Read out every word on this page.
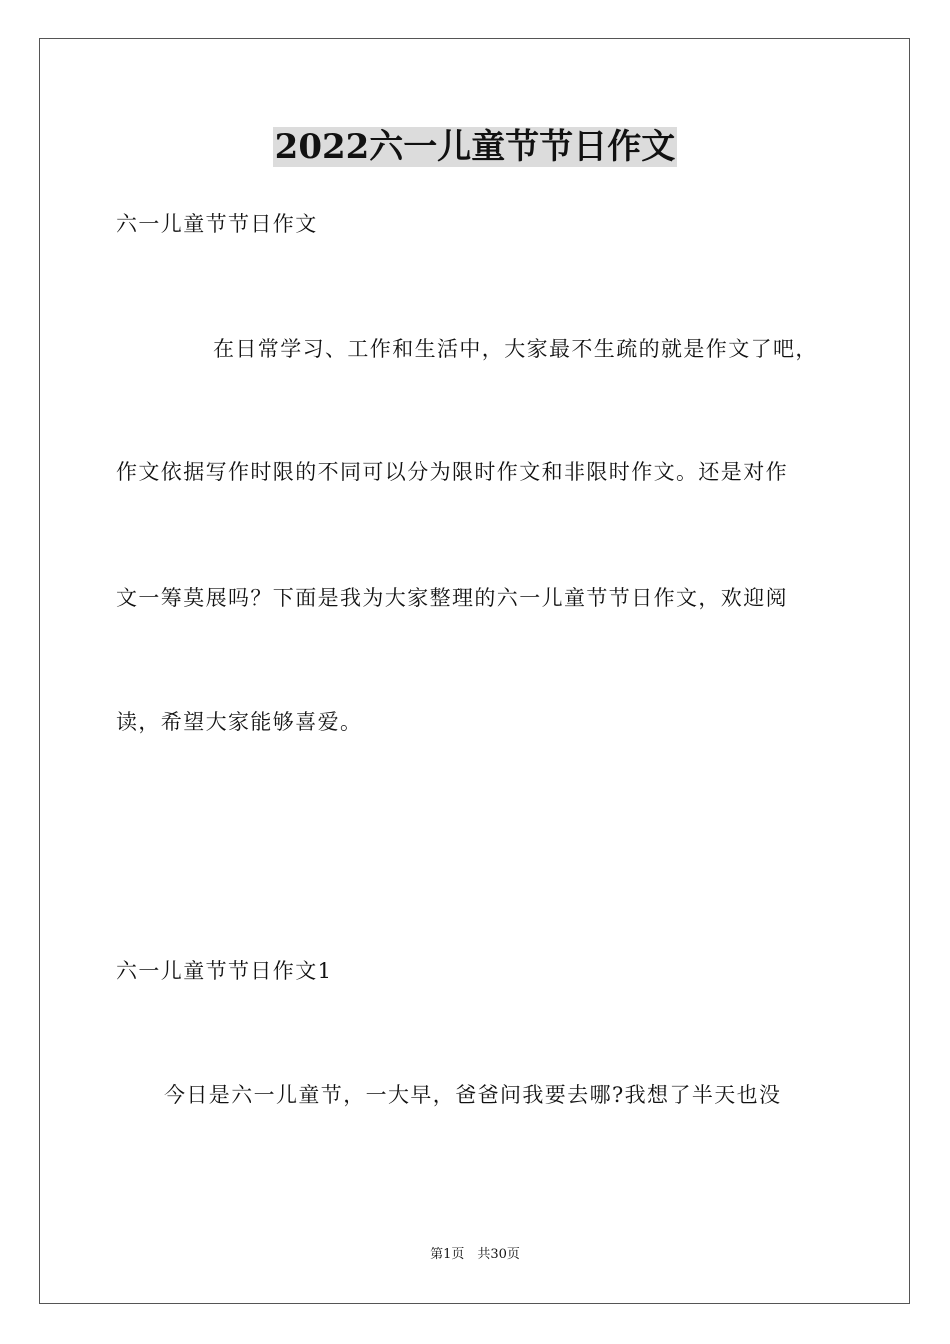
2022六一儿童节节日作文

六一儿童节节日作文

在日常学习、工作和生活中，大家最不生疏的就是作文了吧，

作文依据写作时限的不同可以分为限时作文和非限时作文。还是对作

文一筹莫展吗？下面是我为大家整理的六一儿童节节日作文，欢迎阅

读，希望大家能够喜爱。

六一儿童节节日作文1

今日是六一儿童节，一大早，爸爸问我要去哪?我想了半天也没

第1页　共30页
